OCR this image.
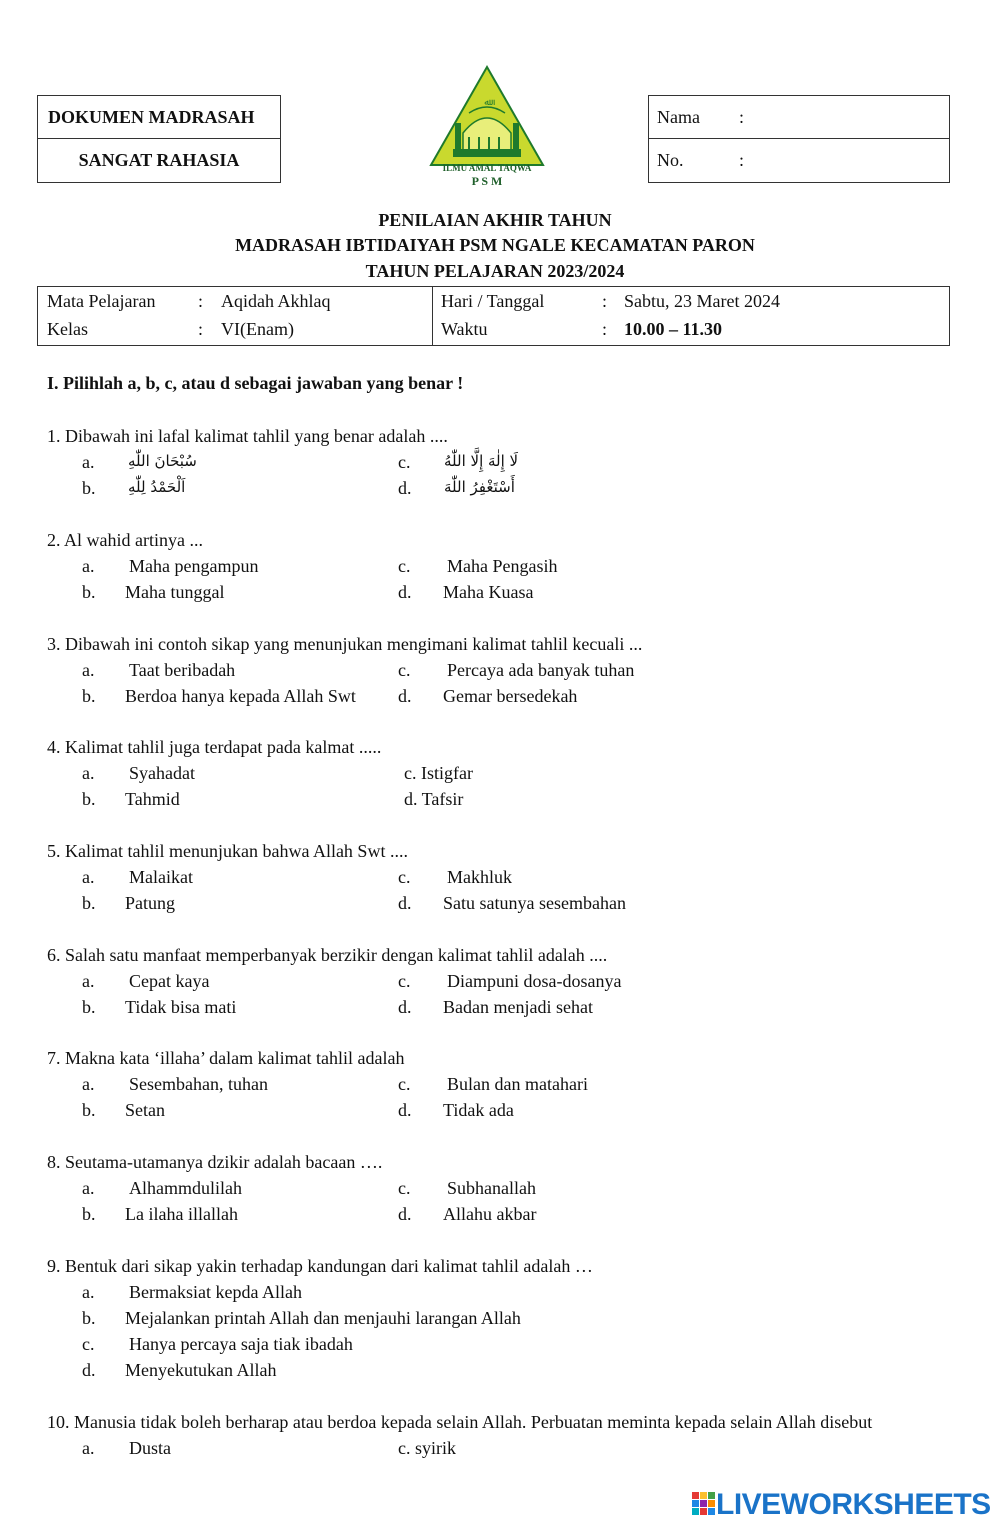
DOKUMEN MADRASAH
SANGAT RAHASIA
ﷲ
ILMU AMAL TAQWA
P S M
Nama	:
No.	:
PENILAIAN AKHIR TAHUN
MADRASAH IBTIDAIYAH PSM NGALE KECAMATAN PARON
TAHUN PELAJARAN 2023/2024
Mata Pelajaran : Aqidah Akhlaq
Kelas	: VI(Enam)
Hari / Tanggal	: Sabtu, 23 Maret 2024
Waktu	: 10.00 – 11.30
I. Pilihlah a, b, c, atau d sebagai jawaban yang benar !
1. Dibawah ini lafal kalimat tahlil yang benar adalah ....
a. سُبْحَانَ اللّٰهِ
b. اَلْحَمْدُ لِلّٰهِ
c. لَا إِلٰهَ إِلَّا اللّٰهُ
d. أَسْتَغْفِرُ اللّٰهَ
2. Al wahid artinya ...
a. Maha pengampun
b. Maha tunggal
c. Maha Pengasih
d. Maha Kuasa
3. Dibawah ini contoh sikap yang menunjukan mengimani kalimat tahlil kecuali ...
a. Taat beribadah
b. Berdoa hanya kepada Allah Swt
c. Percaya ada banyak tuhan
d. Gemar bersedekah
4. Kalimat tahlil juga terdapat pada kalmat .....
a. Syahadat
b. Tahmid
c. Istigfar
d. Tafsir
5. Kalimat tahlil menunjukan bahwa Allah Swt ....
a. Malaikat
b. Patung
c. Makhluk
d. Satu satunya sesembahan
6. Salah satu manfaat memperbanyak berzikir dengan kalimat tahlil adalah ....
a. Cepat kaya
b. Tidak bisa mati
c. Diampuni dosa-dosanya
d. Badan menjadi sehat
7. Makna kata ‘illaha’ dalam kalimat tahlil adalah
a. Sesembahan, tuhan
b. Setan
c. Bulan dan matahari
d. Tidak ada
8. Seutama-utamanya dzikir adalah bacaan ….
a. Alhammdulilah
b. La ilaha illallah
c. Subhanallah
d. Allahu akbar
9. Bentuk dari sikap yakin terhadap kandungan dari kalimat tahlil adalah …
a. Bermaksiat kepda Allah
b. Mejalankan printah Allah dan menjauhi larangan Allah
c. Hanya percaya saja tiak ibadah
d. Menyekutukan Allah
10. Manusia tidak boleh berharap atau berdoa kepada selain Allah. Perbuatan meminta kepada selain Allah disebut
a. Dusta	c. syirik
LIVEWORKSHEETS
